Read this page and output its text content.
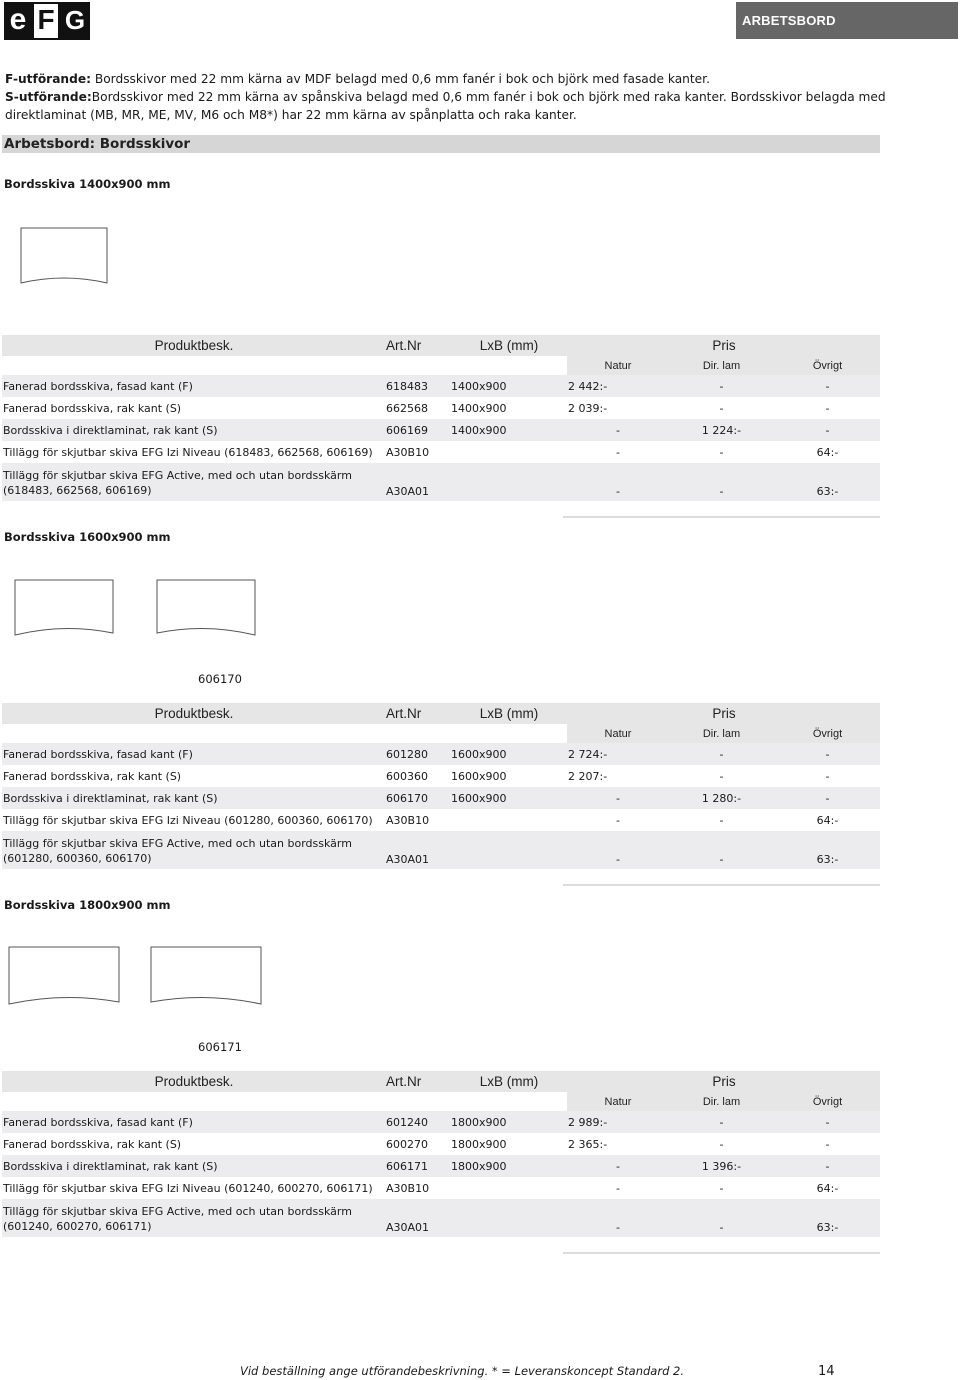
e F G	ARBETSBORD
F-utförande: Bordsskivor med 22 mm kärna av MDF belagd med 0,6 mm fanér i bok och björk med fasade kanter.
S-utförande:Bordsskivor med 22 mm kärna av spånskiva belagd med 0,6 mm fanér i bok och björk med raka kanter. Bordsskivor belagda med direktlaminat (MB, MR, ME, MV, M6 och M8*) har 22 mm kärna av spånplatta och raka kanter.
Arbetsbord: Bordsskivor
Bordsskiva 1400x900 mm
Produktbesk.	Art.Nr	LxB (mm)	Pris		
			Natur	Dir. lam	Övrigt
Fanerad bordsskiva, fasad kant (F)	618483	1400x900	2 442:-	-	-
Fanerad bordsskiva, rak kant (S)	662568	1400x900	2 039:-	-	-
Bordsskiva i direktlaminat, rak kant (S)	606169	1400x900	-	1 224:-	-
Tillägg för skjutbar skiva EFG Izi Niveau (618483, 662568, 606169)	A30B10		-	-	64:-

Tillägg för skjutbar skiva EFG Active, med och utan bordsskärm
(618483, 662568, 606169)	A30A01		-	-	63:-
Bordsskiva 1600x900 mm
606170
Produktbesk.	Art.Nr	LxB (mm)	Pris		
			Natur	Dir. lam	Övrigt
Fanerad bordsskiva, fasad kant (F)	601280	1600x900	2 724:-	-	-
Fanerad bordsskiva, rak kant (S)	600360	1600x900	2 207:-	-	-
Bordsskiva i direktlaminat, rak kant (S)	606170	1600x900	-	1 280:-	-
Tillägg för skjutbar skiva EFG Izi Niveau (601280, 600360, 606170)	A30B10		-	-	64:-

Tillägg för skjutbar skiva EFG Active, med och utan bordsskärm
(601280, 600360, 606170)	A30A01		-	-	63:-
Bordsskiva 1800x900 mm
606171
Produktbesk.	Art.Nr	LxB (mm)	Pris		
			Natur	Dir. lam	Övrigt
Fanerad bordsskiva, fasad kant (F)	601240	1800x900	2 989:-	-	-
Fanerad bordsskiva, rak kant (S)	600270	1800x900	2 365:-	-	-
Bordsskiva i direktlaminat, rak kant (S)	606171	1800x900	-	1 396:-	-
Tillägg för skjutbar skiva EFG Izi Niveau (601240, 600270, 606171)	A30B10		-	-	64:-

Tillägg för skjutbar skiva EFG Active, med och utan bordsskärm
(601240, 600270, 606171)	A30A01		-	-	63:-
Vid beställning ange utförandebeskrivning. * = Leveranskoncept Standard 2.	14
